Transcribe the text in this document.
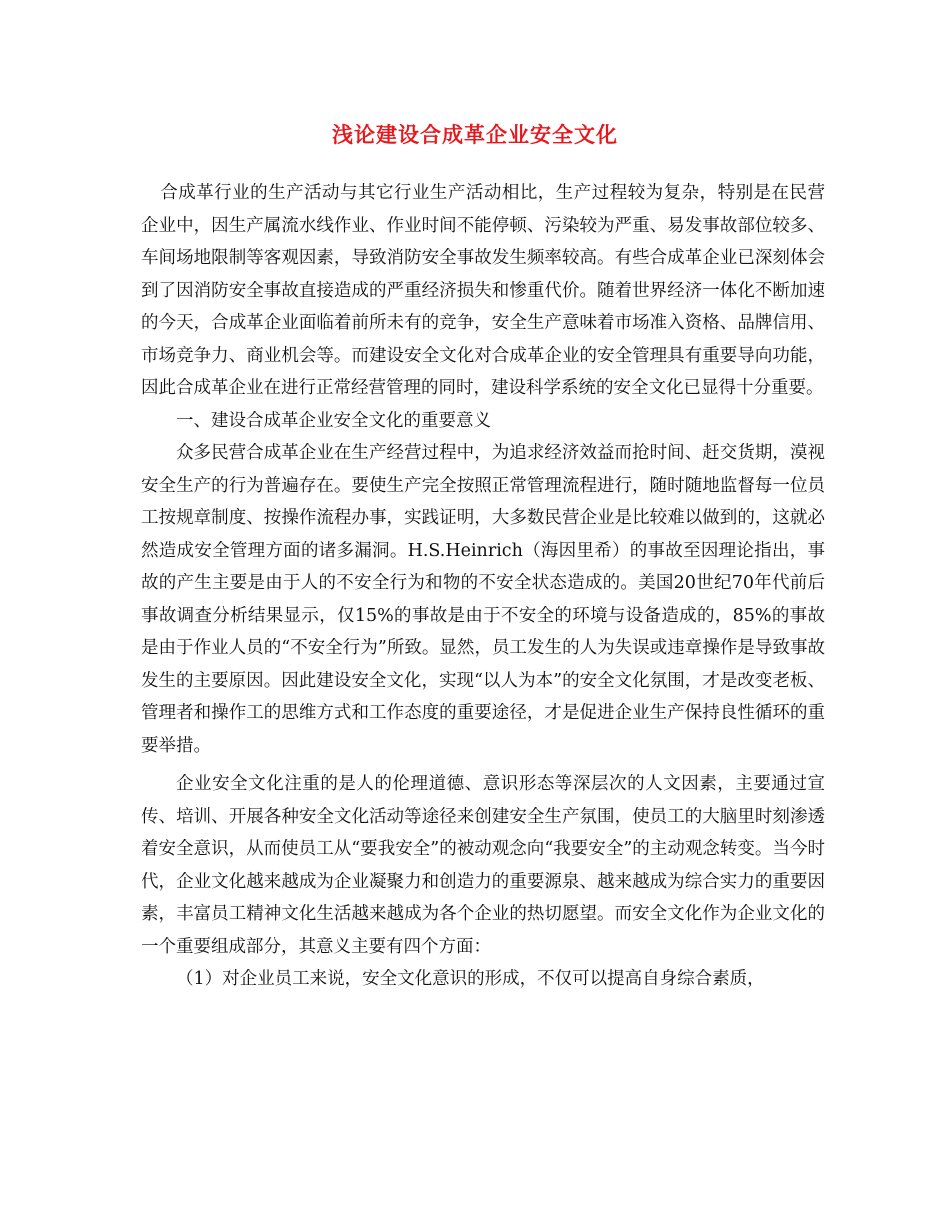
浅论建设合成革企业安全文化

合成革行业的生产活动与其它行业生产活动相比，生产过程较为复杂，特别是在民营企业中，因生产属流水线作业、作业时间不能停顿、污染较为严重、易发事故部位较多、车间场地限制等客观因素，导致消防安全事故发生频率较高。有些合成革企业已深刻体会到了因消防安全事故直接造成的严重经济损失和惨重代价。随着世界经济一体化不断加速的今天，合成革企业面临着前所未有的竞争，安全生产意味着市场准入资格、品牌信用、市场竞争力、商业机会等。而建设安全文化对合成革企业的安全管理具有重要导向功能，因此合成革企业在进行正常经营管理的同时，建设科学系统的安全文化已显得十分重要。

一、建设合成革企业安全文化的重要意义

众多民营合成革企业在生产经营过程中，为追求经济效益而抢时间、赶交货期，漠视安全生产的行为普遍存在。要使生产完全按照正常管理流程进行，随时随地监督每一位员工按规章制度、按操作流程办事，实践证明，大多数民营企业是比较难以做到的，这就必然造成安全管理方面的诸多漏洞。H.S.Heinrich（海因里希）的事故至因理论指出，事故的产生主要是由于人的不安全行为和物的不安全状态造成的。美国20世纪70年代前后事故调查分析结果显示，仅15%的事故是由于不安全的环境与设备造成的，85%的事故是由于作业人员的“不安全行为”所致。显然，员工发生的人为失误或违章操作是导致事故发生的主要原因。因此建设安全文化，实现“以人为本”的安全文化氛围，才是改变老板、管理者和操作工的思维方式和工作态度的重要途径，才是促进企业生产保持良性循环的重要举措。

企业安全文化注重的是人的伦理道德、意识形态等深层次的人文因素，主要通过宣传、培训、开展各种安全文化活动等途径来创建安全生产氛围，使员工的大脑里时刻渗透着安全意识，从而使员工从“要我安全”的被动观念向“我要安全”的主动观念转变。当今时代，企业文化越来越成为企业凝聚力和创造力的重要源泉、越来越成为综合实力的重要因素，丰富员工精神文化生活越来越成为各个企业的热切愿望。而安全文化作为企业文化的一个重要组成部分，其意义主要有四个方面：

（1）对企业员工来说，安全文化意识的形成，不仅可以提高自身综合素质，
